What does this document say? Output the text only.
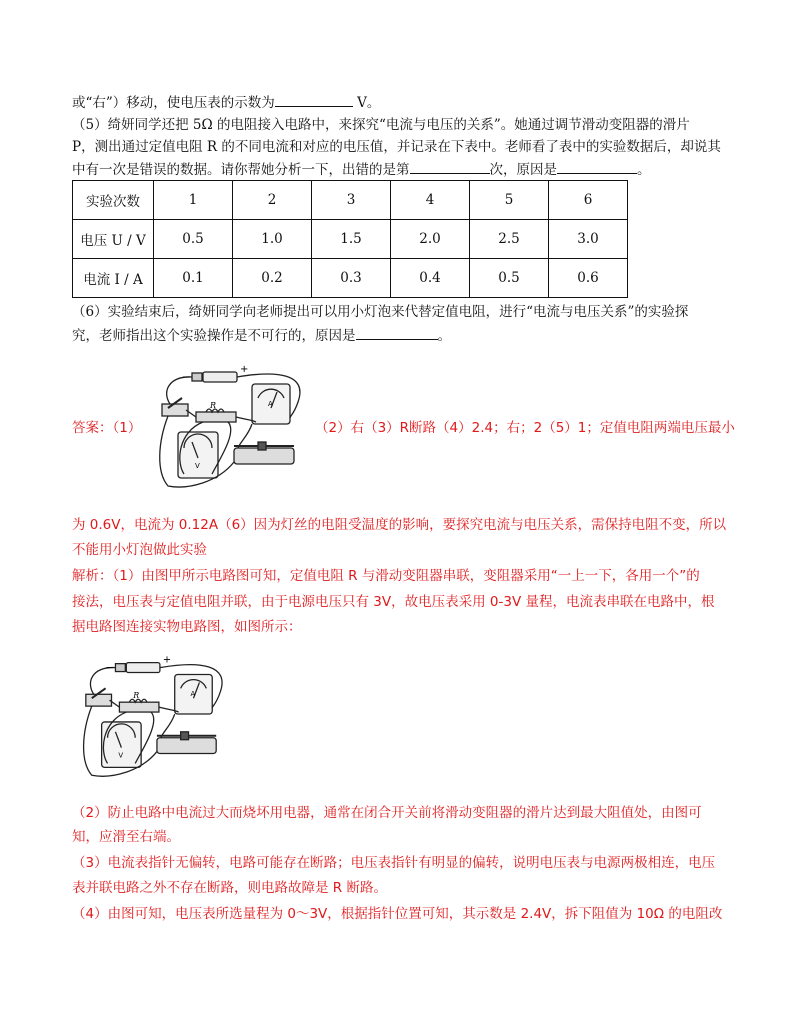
或“右”）移动，使电压表的示数为	V。
（5）绮妍同学还把 5Ω 的电阻接入电路中，来探究“电流与电压的关系”。她通过调节滑动变阻器的滑片
P，测出通过定值电阻 R 的不同电流和对应的电压值，并记录在下表中。老师看了表中的实验数据后，却说其
中有一次是错误的数据。请你帮她分析一下，出错的是第	次，原因是	。
实验次数	1	2	3	4	5	6
电压 U / V	0.5	1.0	1.5	2.0	2.5	3.0
电流 I / A	0.1	0.2	0.3	0.4	0.5	0.6
（6）实验结束后，绮妍同学向老师提出可以用小灯泡来代替定值电阻，进行“电流与电压关系”的实验探
究，老师指出这个实验操作是不可行的，原因是	。
答案：（1）
R	A
V
+
−
（2）右（3）R断路（4）2.4；右；2（5）1；定值电阻两端电压最小
为 0.6V，电流为 0.12A（6）因为灯丝的电阻受温度的影响，要探究电流与电压关系，需保持电阻不变，所以
不能用小灯泡做此实验
解析：（1）由图甲所示电路图可知，定值电阻 R 与滑动变阻器串联，变阻器采用“一上一下，各用一个”的
接法，电压表与定值电阻并联，由于电源电压只有 3V，故电压表采用 0-3V 量程，电流表串联在电路中，根
据电路图连接实物电路图，如图所示：
R	A
V
+
−
（2）防止电路中电流过大而烧坏用电器，通常在闭合开关前将滑动变阻器的滑片达到最大阻值处，由图可
知，应滑至右端。
（3）电流表指针无偏转，电路可能存在断路；电压表指针有明显的偏转，说明电压表与电源两极相连，电压
表并联电路之外不存在断路，则电路故障是 R 断路。
（4）由图可知，电压表所选量程为 0～3V，根据指针位置可知，其示数是 2.4V，拆下阻值为 10Ω 的电阻改
